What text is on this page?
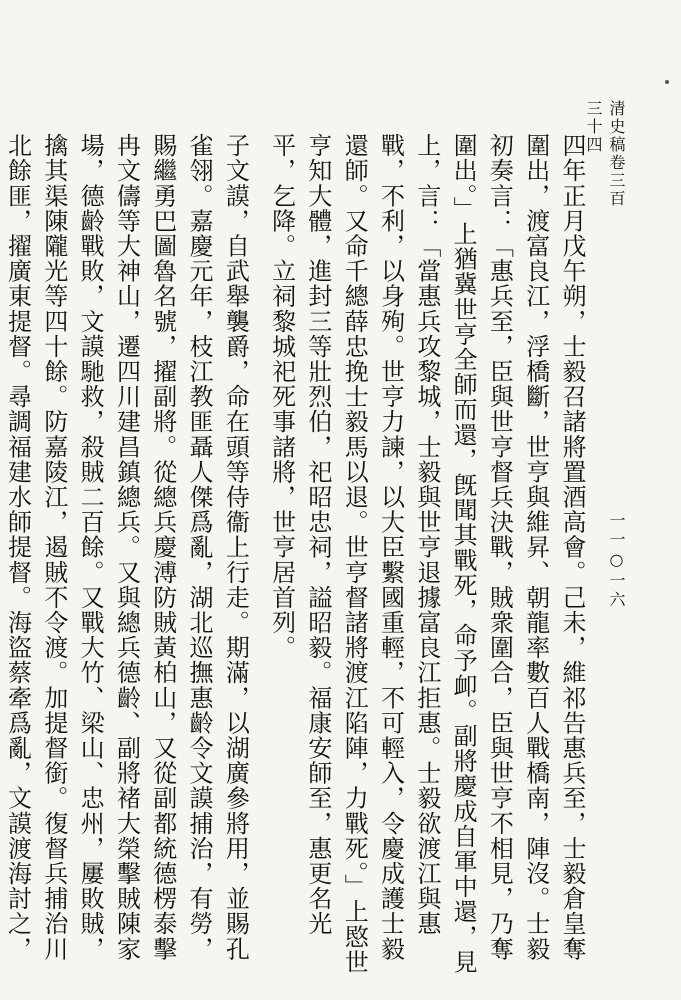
清史稿卷三百三十四
一一○一六

四年正月戊午朔，士毅召諸將置酒高會。己未，維祁告惠兵至，士毅倉皇奪圍出，渡富良江，浮橋斷，世亨與維昇、朝龍率數百人戰橋南，陣沒。士毅初奏言：「惠兵至，臣與世亨督兵決戰，賊衆圍合，臣與世亨不相見，乃奪圍出。」上猶冀世亨全師而還，旣聞其戰死，命予卹。副將慶成自軍中還，見上，言：「當惠兵攻黎城，士毅與世亨退據富良江拒惠。士毅欲渡江與惠戰，不利，以身殉。世亨力諫，以大臣繫國重輕，不可輕入，令慶成護士毅還師。又命千總薛忠挽士毅馬以退。世亨督諸將渡江陷陣，力戰死。」上愍世亨知大體，進封三等壯烈伯，祀昭忠祠，謚昭毅。福康安師至，惠更名光平，乞降。立祠黎城祀死事諸將，世亨居首列。

子文謨，自武舉襲爵，命在頭等侍衞上行走。期滿，以湖廣參將用，並賜孔雀翎。嘉慶元年，枝江教匪聶人傑爲亂，湖北巡撫惠齡令文謨捕治，有勞，賜繼勇巴圖魯名號，擢副將。從總兵慶溥防賊黃柏山，又從副都統德楞泰擊冉文儔等大神山，遷四川建昌鎮總兵。又與總兵德齡、副將褚大榮擊賊陳家場，德齡戰敗，文謨馳救，殺賊二百餘。又戰大竹、梁山、忠州，屢敗賊，擒其渠陳隴光等四十餘。防嘉陵江，遏賊不令渡。加提督銜。復督兵捕治川北餘匪，擢廣東提督。尋調福建水師提督。海盜蔡牽爲亂，文謨渡海討之，
